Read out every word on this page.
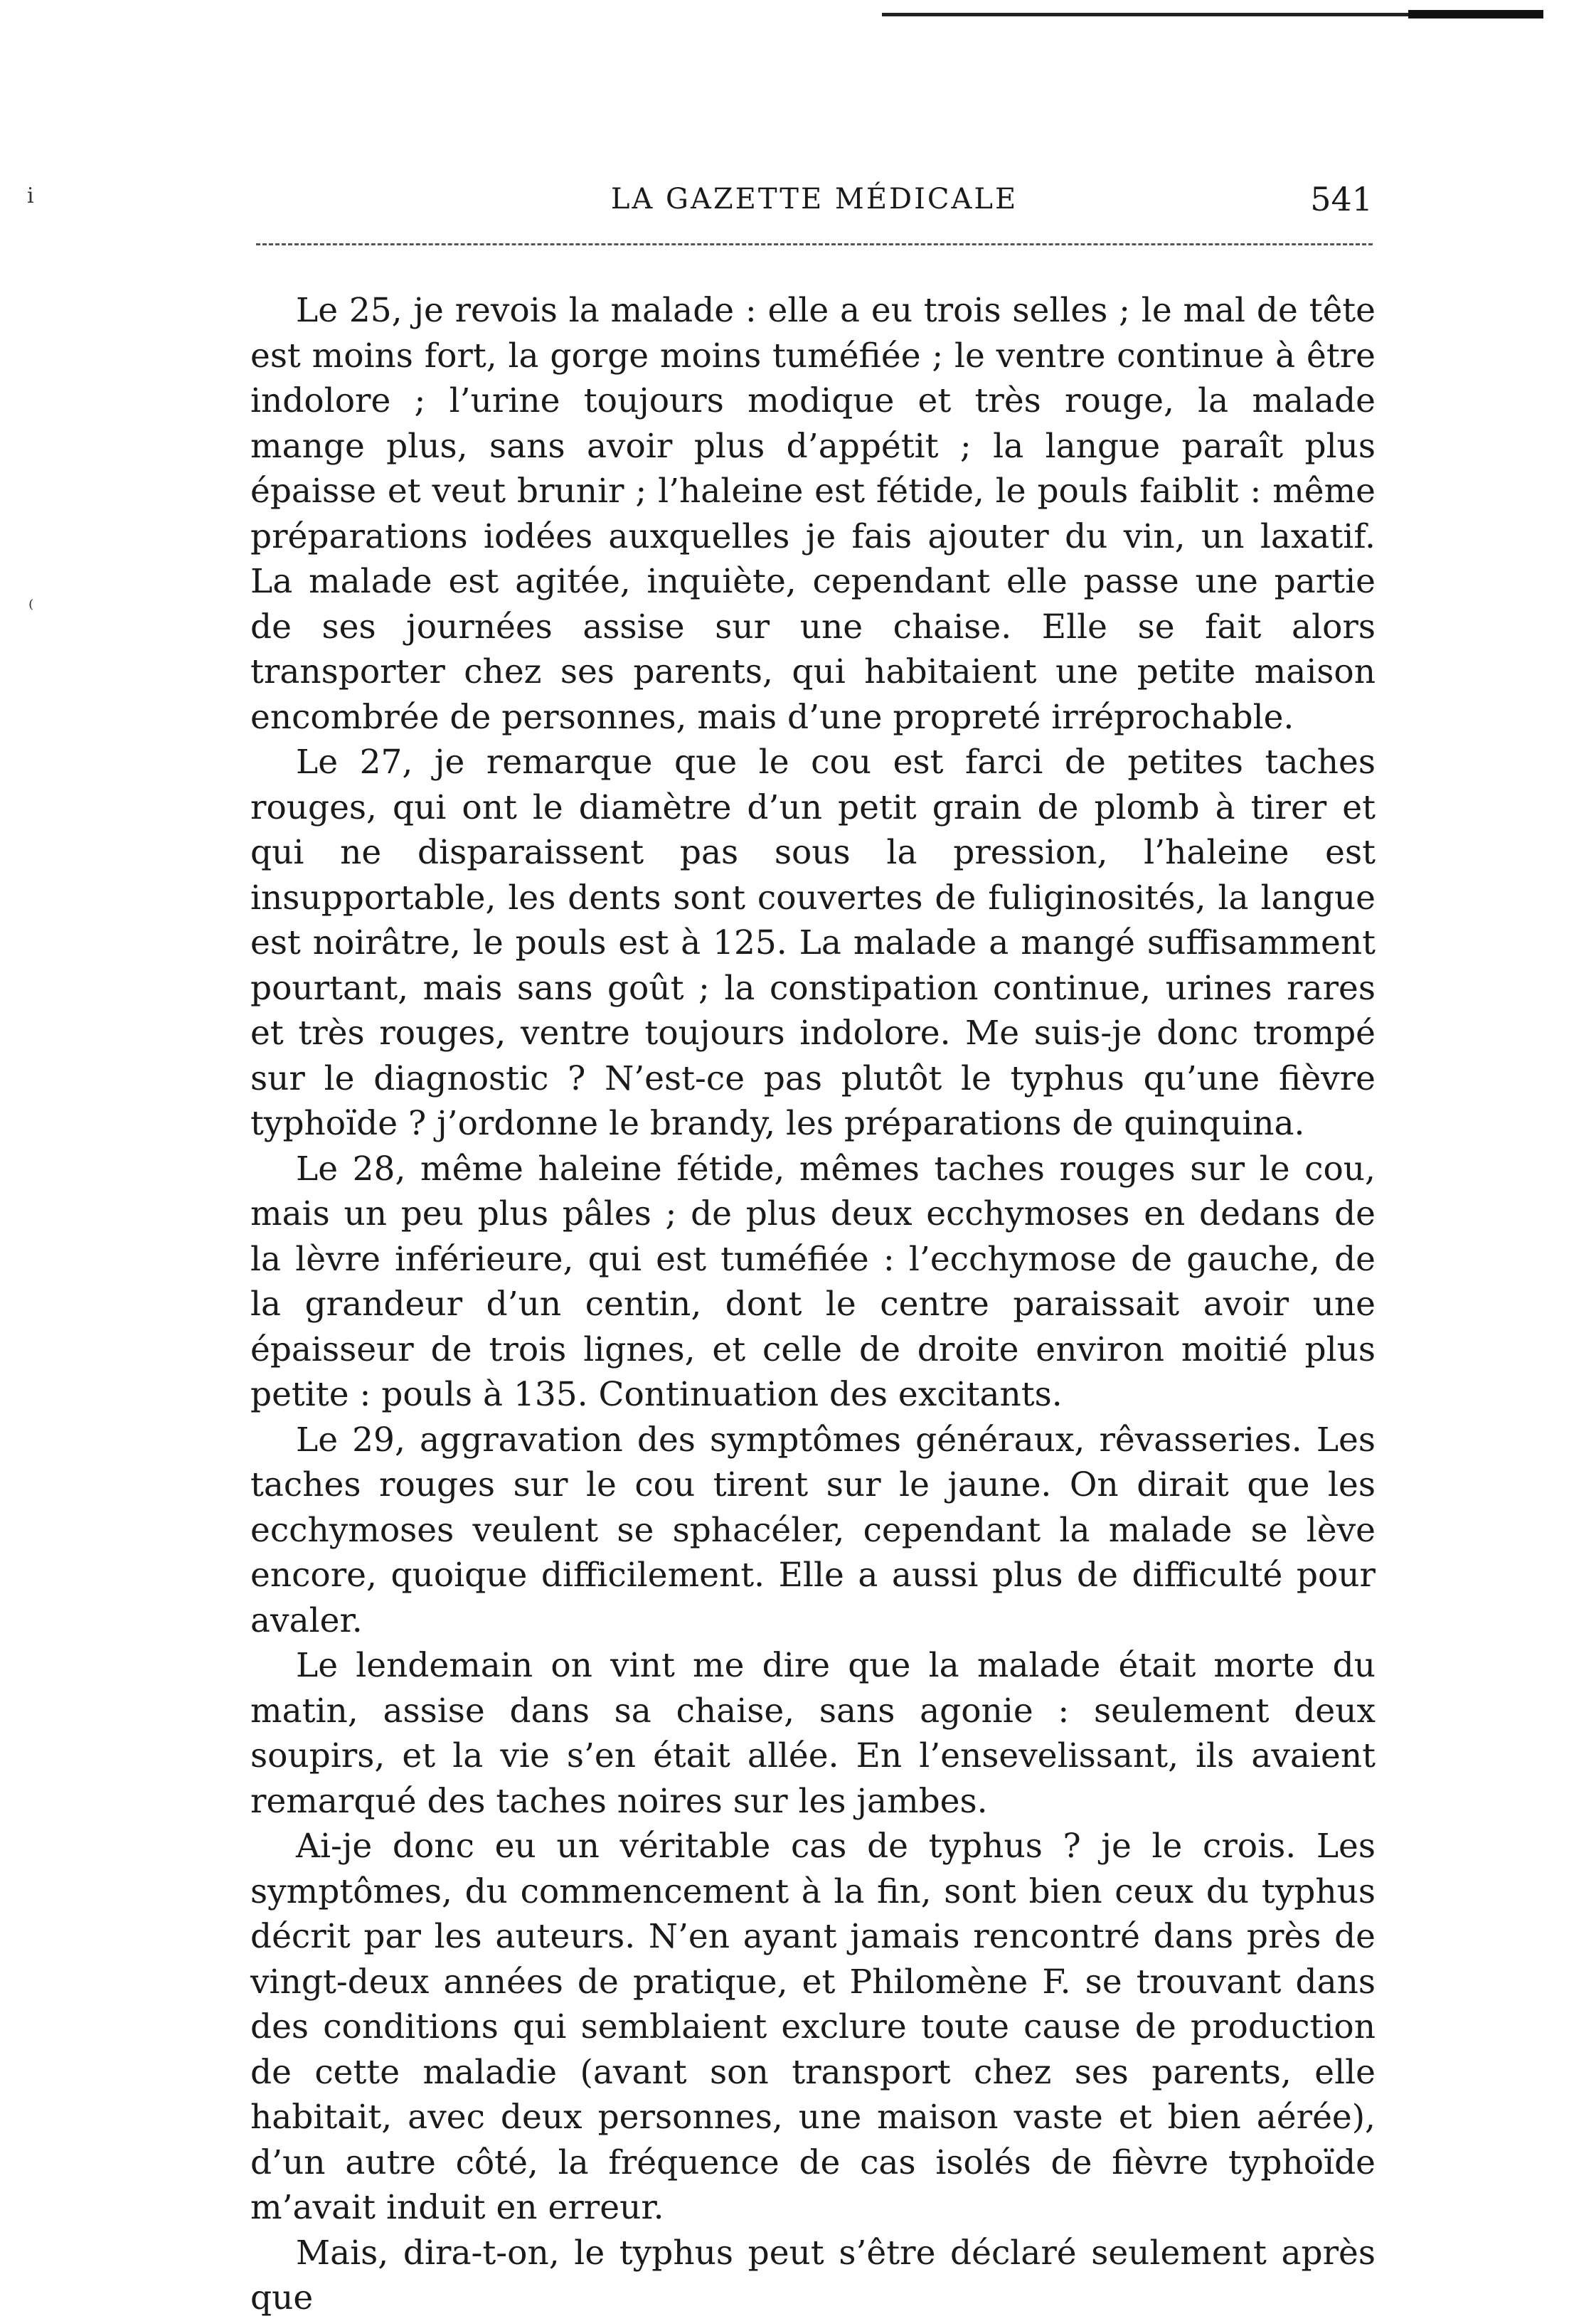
ⅰ
⁽
LA GAZETTE MÉDICALE	541

Le 25, je revois la malade : elle a eu trois selles ; le mal de tête est moins fort, la gorge moins tuméfiée ; le ventre continue à être indolore ; l’urine toujours modique et très rouge, la malade mange plus, sans avoir plus d’appétit ; la langue paraît plus épaisse et veut brunir ; l’haleine est fétide, le pouls faiblit : même préparations iodées auxquelles je fais ajouter du vin, un laxatif. La malade est agitée, inquiète, cependant elle passe une partie de ses journées assise sur une chaise. Elle se fait alors transporter chez ses parents, qui habitaient une petite maison encombrée de personnes, mais d’une propreté irréprochable.

Le 27, je remarque que le cou est farci de petites taches rouges, qui ont le diamètre d’un petit grain de plomb à tirer et qui ne disparaissent pas sous la pression, l’haleine est insupportable, les dents sont couvertes de fuliginosités, la langue est noirâtre, le pouls est à 125. La malade a mangé suffisamment pourtant, mais sans goût ; la constipation continue, urines rares et très rouges, ventre toujours indolore. Me suis-je donc trompé sur le diagnostic ? N’est-ce pas plutôt le typhus qu’une fièvre typhoïde ? j’ordonne le brandy, les préparations de quinquina.

Le 28, même haleine fétide, mêmes taches rouges sur le cou, mais un peu plus pâles ; de plus deux ecchymoses en dedans de la lèvre inférieure, qui est tuméfiée : l’ecchymose de gauche, de la grandeur d’un centin, dont le centre paraissait avoir une épaisseur de trois lignes, et celle de droite environ moitié plus petite : pouls à 135. Continuation des excitants.

Le 29, aggravation des symptômes généraux, rêvasseries. Les taches rouges sur le cou tirent sur le jaune. On dirait que les ecchymoses veulent se sphacéler, cependant la malade se lève encore, quoique difficilement. Elle a aussi plus de difficulté pour avaler.

Le lendemain on vint me dire que la malade était morte du matin, assise dans sa chaise, sans agonie : seulement deux soupirs, et la vie s’en était allée. En l’ensevelissant, ils avaient remarqué des taches noires sur les jambes.

Ai-je donc eu un véritable cas de typhus ? je le crois. Les symptômes, du commencement à la fin, sont bien ceux du typhus décrit par les auteurs. N’en ayant jamais rencontré dans près de vingt-deux années de pratique, et Philomène F. se trouvant dans des conditions qui semblaient exclure toute cause de production de cette maladie (avant son transport chez ses parents, elle habitait, avec deux personnes, une maison vaste et bien aérée), d’un autre côté, la fréquence de cas isolés de fièvre typhoïde m’avait induit en erreur.

Mais, dira-t-on, le typhus peut s’être déclaré seulement après que
